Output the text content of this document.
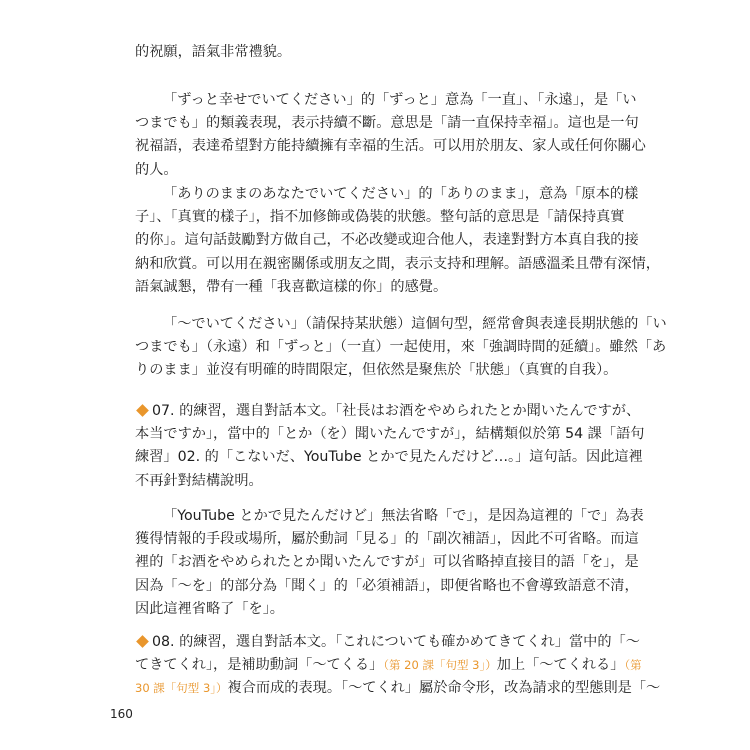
的祝願，語氣非常禮貌。
「ずっと幸せでいてください」的「ずっと」意為「一直」、「永遠」，是「い
つまでも」的類義表現，表示持續不斷。意思是「請一直保持幸福」。這也是一句
祝福語，表達希望對方能持續擁有幸福的生活。可以用於朋友、家人或任何你關心
的人。
「ありのままのあなたでいてください」的「ありのまま」，意為「原本的樣
子」、「真實的樣子」，指不加修飾或偽裝的狀態。整句話的意思是「請保持真實
的你」。這句話鼓勵對方做自己，不必改變或迎合他人，表達對對方本真自我的接
納和欣賞。可以用在親密關係或朋友之間，表示支持和理解。語感溫柔且帶有深情，
語氣誠懇，帶有一種「我喜歡這樣的你」的感覺。
「〜でいてください」（請保持某狀態）這個句型，經常會與表達長期狀態的「い
つまでも」（永遠）和「ずっと」（一直）一起使用，來「強調時間的延續」。雖然「あ
りのまま」並沒有明確的時間限定，但依然是聚焦於「狀態」（真實的自我）。
07. 的練習，選自對話本文。「社長はお酒をやめられたとか聞いたんですが、
本当ですか」，當中的「とか（を）聞いたんですが」，結構類似於第 54 課「語句
練習」02. 的「こないだ、YouTube とかで見たんだけど…。」這句話。因此這裡
不再針對結構說明。
「YouTube とかで見たんだけど」無法省略「で」，是因為這裡的「で」為表
獲得情報的手段或場所，屬於動詞「見る」的「副次補語」，因此不可省略。而這
裡的「お酒をやめられたとか聞いたんですが」可以省略掉直接目的語「を」，是
因為「〜を」的部分為「聞く」的「必須補語」，即便省略也不會導致語意不清，
因此這裡省略了「を」。
08. 的練習，選自對話本文。「これについても確かめてきてくれ」當中的「〜
てきてくれ」，是補助動詞「〜てくる」（第 20 課「句型 3」）加上「〜てくれる」（第
30 課「句型 3」）複合而成的表現。「〜てくれ」屬於命令形，改為請求的型態則是「〜
160
